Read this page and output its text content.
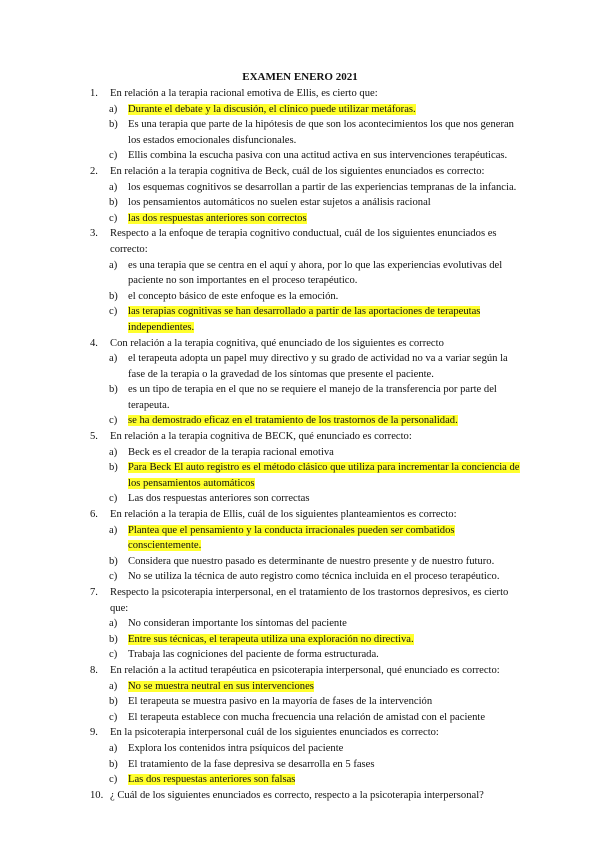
EXAMEN ENERO 2021
1.	En relación a la terapia racional emotiva de Ellis, es cierto que:
a)	Durante el debate y la discusión, el clínico puede utilizar metáforas.
b) Es una terapia que parte de la hipótesis de que son los acontecimientos los que nos generan los estados emocionales disfuncionales.
c)	Ellis combina la escucha pasiva con una actitud activa en sus intervenciones terapéuticas.
2.	En relación a la terapia cognitiva de Beck, cuál de los siguientes enunciados es correcto:
a)	los esquemas cognitivos se desarrollan a partir de las experiencias tempranas de la infancia.
b) los pensamientos automáticos no suelen estar sujetos a análisis racional
c)	las dos respuestas anteriores son correctos
3.	Respecto a la enfoque de terapia cognitivo conductual, cuál de los siguientes enunciados es correcto:
a)	es una terapia que se centra en el aquí y ahora, por lo que las experiencias evolutivas del paciente no son importantes en el proceso terapéutico.
b) el concepto básico de este enfoque es la emoción.
c)	las terapias cognitivas se han desarrollado a partir de las aportaciones de terapeutas independientes.
4.	Con relación a la terapia cognitiva, qué enunciado de los siguientes es correcto
a)	el terapeuta adopta un papel muy directivo y su grado de actividad no va a variar según la fase de la terapia o la gravedad de los síntomas que presente el paciente.
b) es un tipo de terapia en el que no se requiere el manejo de la transferencia por parte del terapeuta.
c)	se ha demostrado eficaz en el tratamiento de los trastornos de la personalidad.
5.	En relación a la terapia cognitiva de BECK, qué enunciado es correcto:
a)	Beck es el creador de la terapia racional emotiva
b) Para Beck El auto registro es el método clásico que utiliza para incrementar la conciencia de los pensamientos automáticos
c)	Las dos respuestas anteriores son correctas
6.	En relación a la terapia de Ellis, cuál de los siguientes planteamientos es correcto:
a)	Plantea que el pensamiento y la conducta irracionales pueden ser combatidos conscientemente.
b) Considera que nuestro pasado es determinante de nuestro presente y de nuestro futuro.
c)	No se utiliza la técnica de auto registro como técnica incluida en el proceso terapéutico.
7.	Respecto la psicoterapia interpersonal, en el tratamiento de los trastornos depresivos, es cierto que:
a)	No consideran importante los síntomas del paciente
b) Entre sus técnicas, el terapeuta utiliza una exploración no directiva.
c)	Trabaja las cogniciones del paciente de forma estructurada.
8.	En relación a la actitud terapéutica en psicoterapia interpersonal, qué enunciado es correcto:
a)	No se muestra neutral en sus intervenciones
b) El terapeuta se muestra pasivo en la mayoría de fases de la intervención
c)	El terapeuta establece con mucha frecuencia una relación de amistad con el paciente
9.	En la psicoterapia interpersonal cuál de los siguientes enunciados es correcto:
a)	Explora los contenidos intra psíquicos del paciente
b) El tratamiento de la fase depresiva se desarrolla en 5 fases
c)	Las dos respuestas anteriores son falsas
10. ¿ Cuál de los siguientes enunciados es correcto, respecto a la psicoterapia interpersonal?
